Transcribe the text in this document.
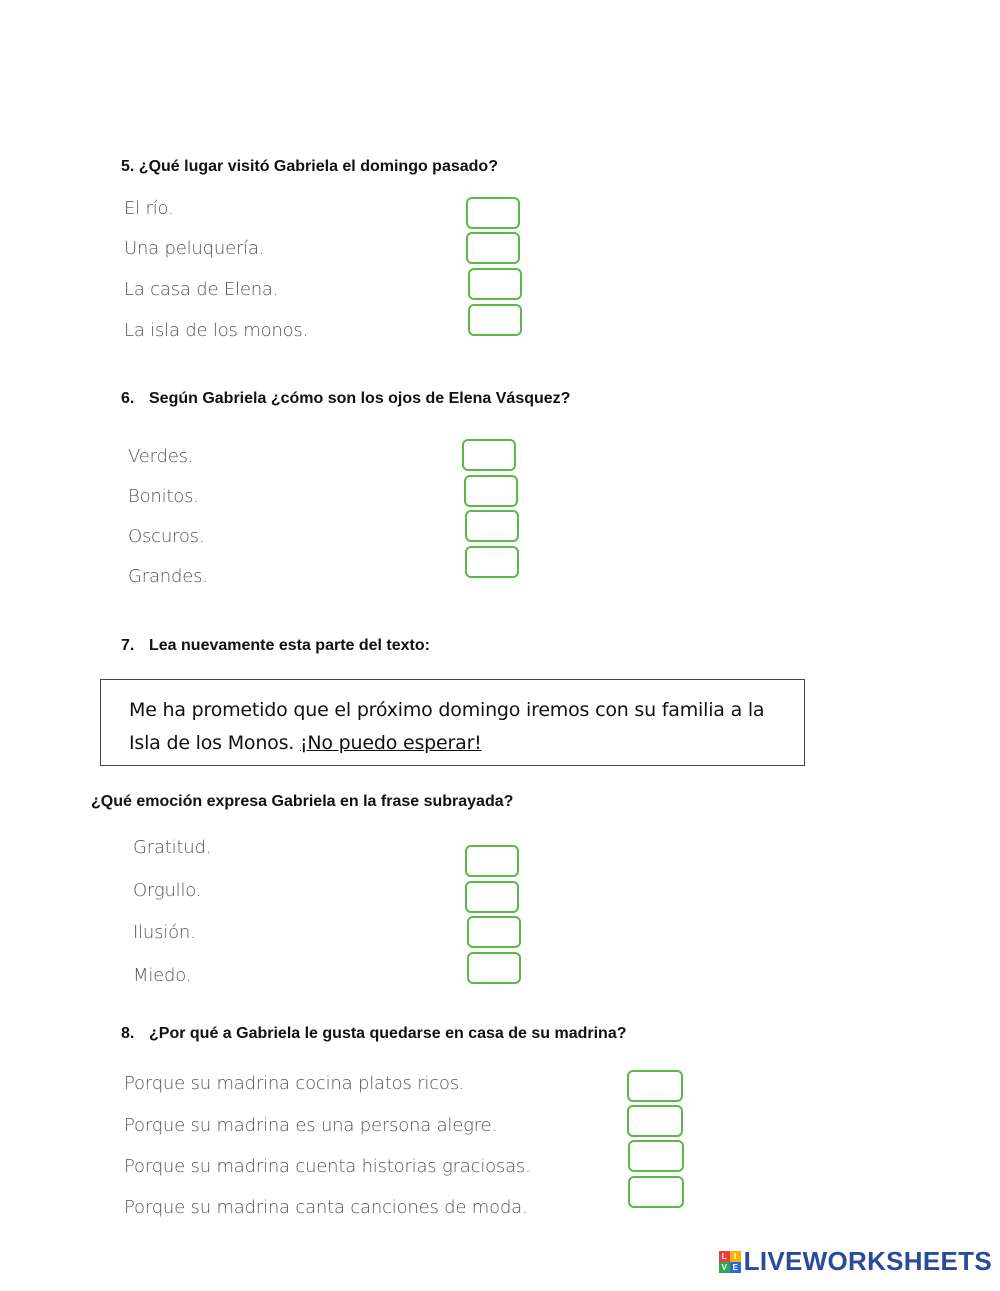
5. ¿Qué lugar visitó Gabriela el domingo pasado?
El río.
Una peluquería.
La casa de Elena.
La isla de los monos.
6. Según Gabriela ¿cómo son los ojos de Elena Vásquez?
Verdes.
Bonitos.
Oscuros.
Grandes.
7. Lea nuevamente esta parte del texto:
Me ha prometido que el próximo domingo iremos con su familia a la
Isla de los Monos. ¡No puedo esperar!
¿Qué emoción expresa Gabriela en la frase subrayada?
Gratitud.
Orgullo.
Ilusión.
Miedo.
8. ¿Por qué a Gabriela le gusta quedarse en casa de su madrina?
Porque su madrina cocina platos ricos.
Porque su madrina es una persona alegre.
Porque su madrina cuenta historias graciosas.
Porque su madrina canta canciones de moda.
L I
V E LIVEWORKSHEETS
